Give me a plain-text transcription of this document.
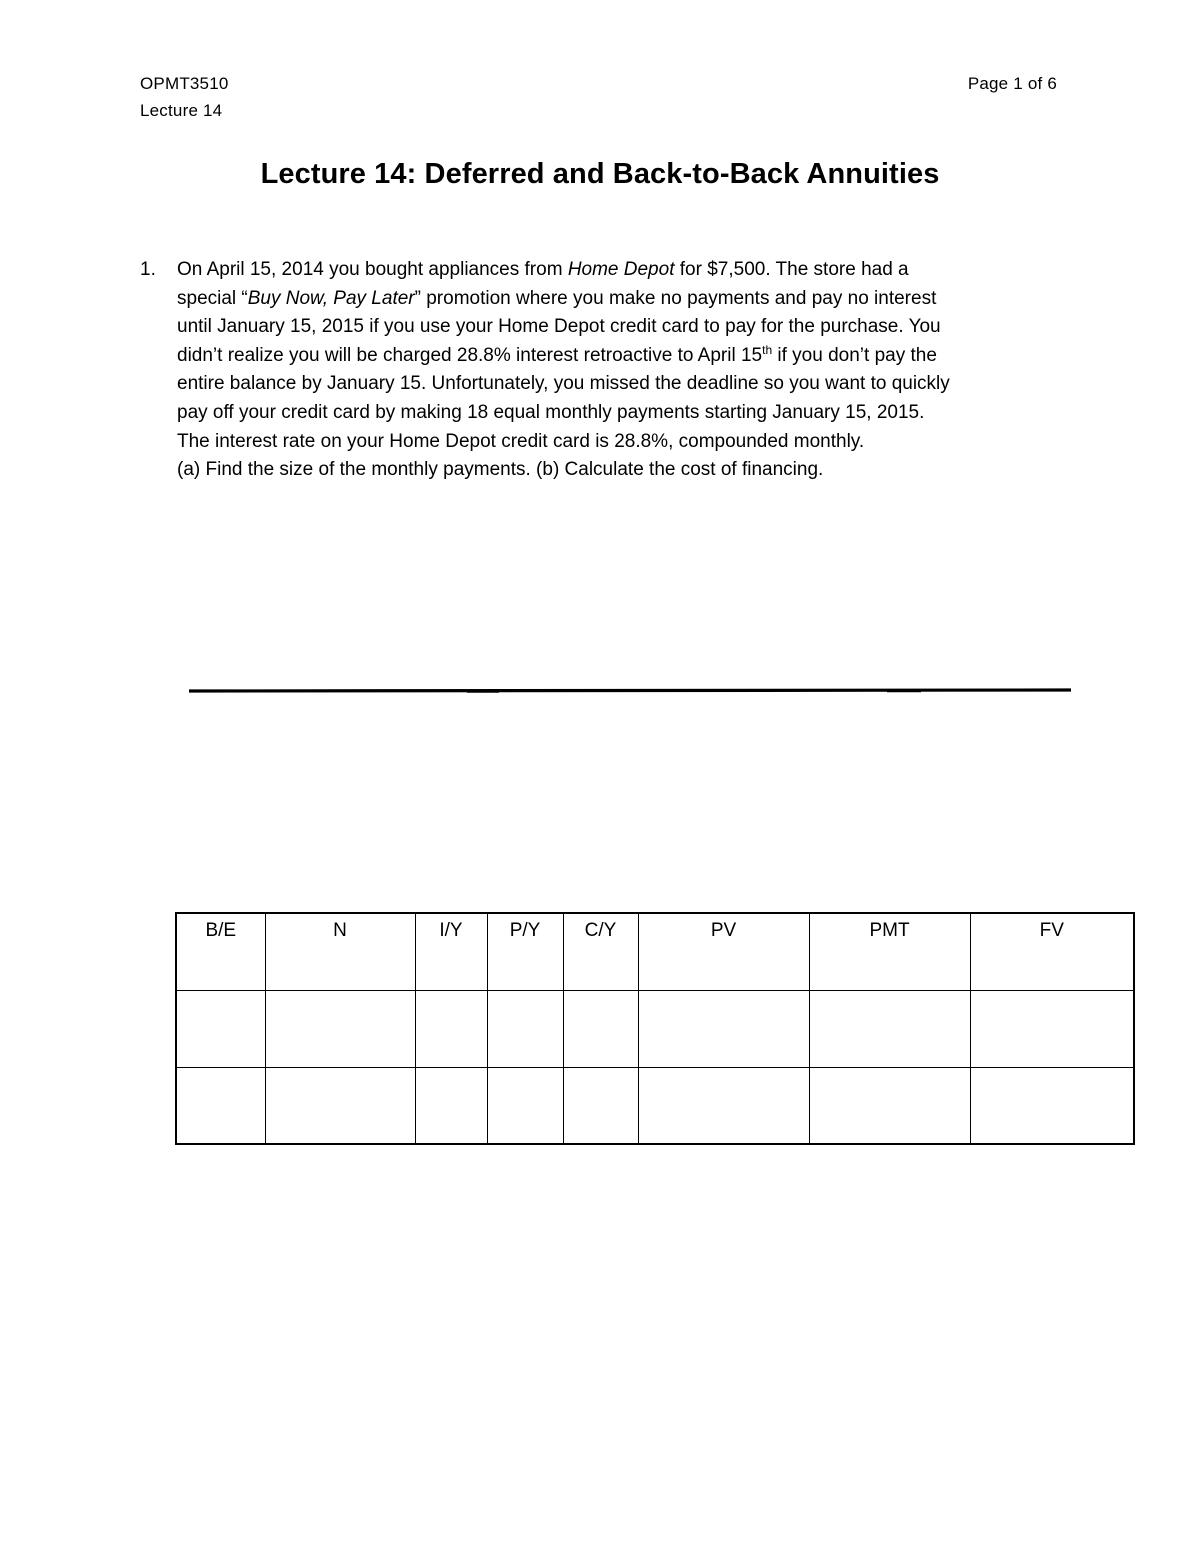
OPMT3510
Lecture 14
Page 1 of 6
Lecture 14: Deferred and Back-to-Back Annuities
1. On April 15, 2014 you bought appliances from Home Depot for $7,500. The store had a
special “Buy Now, Pay Later” promotion where you make no payments and pay no interest
until January 15, 2015 if you use your Home Depot credit card to pay for the purchase. You
didn’t realize you will be charged 28.8% interest retroactive to April 15th if you don’t pay the
entire balance by January 15. Unfortunately, you missed the deadline so you want to quickly
pay off your credit card by making 18 equal monthly payments starting January 15, 2015.
The interest rate on your Home Depot credit card is 28.8%, compounded monthly.
(a) Find the size of the monthly payments. (b) Calculate the cost of financing.
B/E	N	I/Y	P/Y	C/Y	PV	PMT	FV
